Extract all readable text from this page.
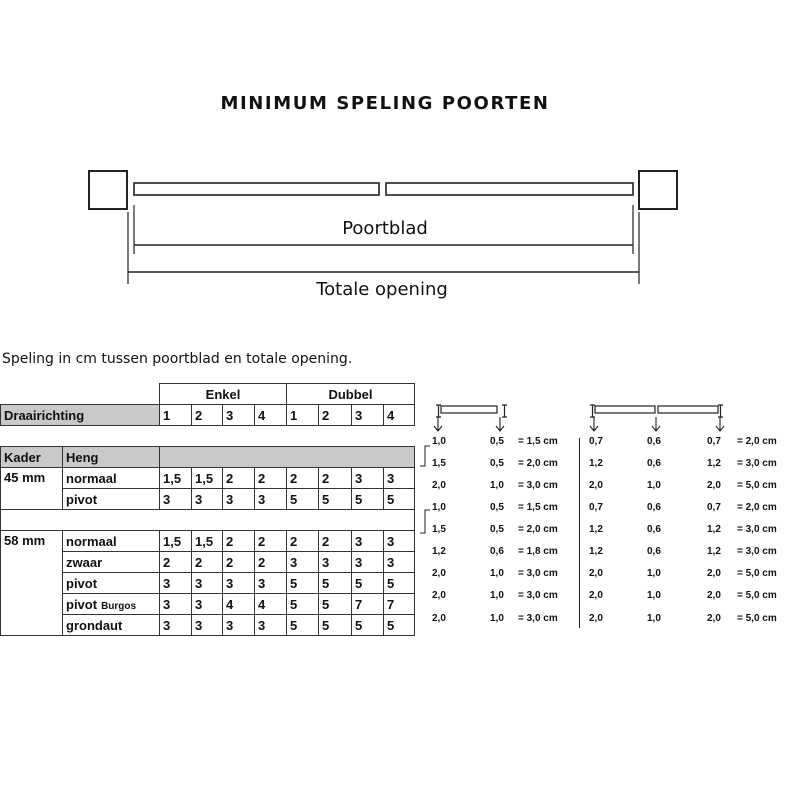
MINIMUM SPELING POORTEN
Poortblad
Totale opening
Speling in cm tussen poortblad en totale opening.
		Enkel				Dubbel			
Draairichting		1	2	3	4	1	2	3	4

Kader	Heng								
45 mm	normaal	1,5	1,5	2	2	2	2	3	3
	pivot	3	3	3	3	5	5	5	5

58 mm	normaal	1,5	1,5	2	2	2	2	3	3
	zwaar	2	2	2	2	3	3	3	3
	pivot	3	3	3	3	5	5	5	5
	pivot Burgos	3	3	4	4	5	5	7	7
	grondaut	3	3	3	3	5	5	5	5
1,0	0,5 = 1,5 cm
1,5	0,5 = 2,0 cm
2,0	1,0 = 3,0 cm
1,0	0,5 = 1,5 cm
1,5	0,5 = 2,0 cm
1,2	0,6 = 1,8 cm
2,0	1,0 = 3,0 cm
2,0	1,0 = 3,0 cm
2,0	1,0 = 3,0 cm
0,7	0,6	0,7 = 2,0 cm
1,2	0,6	1,2 = 3,0 cm
2,0	1,0	2,0 = 5,0 cm
0,7	0,6	0,7 = 2,0 cm
1,2	0,6	1,2 = 3,0 cm
1,2	0,6	1,2 = 3,0 cm
2,0	1,0	2,0 = 5,0 cm
2,0	1,0	2,0 = 5,0 cm
2,0	1,0	2,0 = 5,0 cm
